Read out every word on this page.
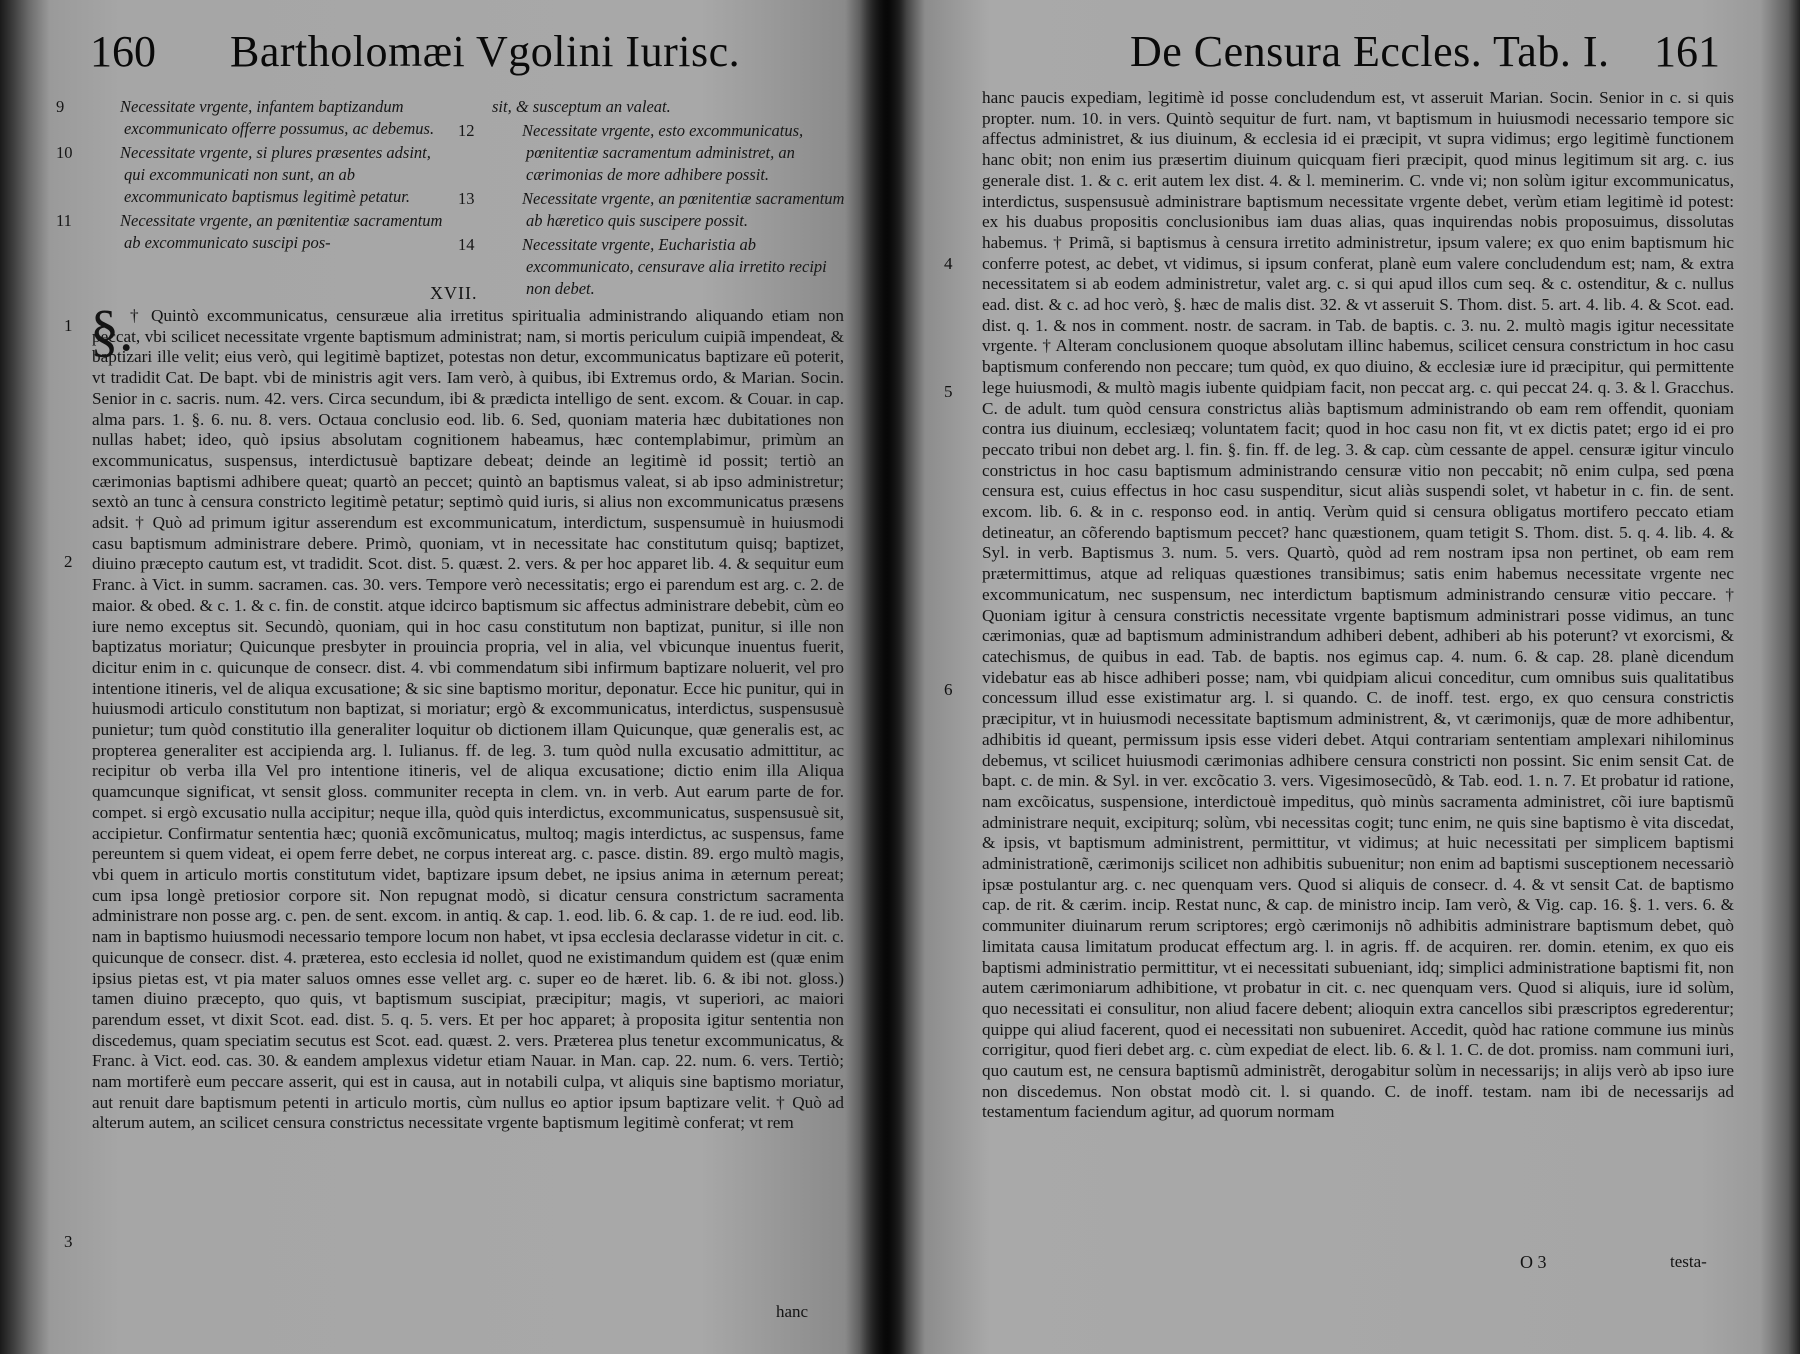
160 Bartholomæi Vgolini Iurisc.
9	Necessitate vrgente, infantem baptizandum excommunicato offerre possumus, ac debemus.
10	Necessitate vrgente, si plures præsentes adsint, qui excommunicati non sunt, an ab excommunicato baptismus legitimè petatur.
11	Necessitate vrgente, an pœnitentiæ sacramentum ab excommunicato suscipi pos-
sit, & susceptum an valeat.
12	Necessitate vrgente, esto excommunicatus, pœnitentiæ sacramentum administret, an cærimonias de more adhibere possit.
13	Necessitate vrgente, an pœnitentiæ sacramentum ab hæretico quis suscipere possit.
14	Necessitate vrgente, Eucharistia ab excommunicato, censurave alia irretito recipi non debet.
XVII.
§.
† Quintò excommunicatus, censuræue alia irretitus spiritualia administrando aliquando etiam non peccat, vbi scilicet necessitate vrgente baptismum administrat; nam, si mortis periculum cuipiã impendeat, & baptizari ille velit; eius verò, qui legitimè baptizet, potestas non detur, excommunicatus baptizare eũ poterit, vt tradidit Cat. De bapt. vbi de ministris agit vers. Iam verò, à quibus, ibi Extremus ordo, & Marian. Socin. Senior in c. sacris. num. 42. vers. Circa secundum, ibi & prædicta intelligo de sent. excom. & Couar. in cap. alma pars. 1. §. 6. nu. 8. vers. Octaua conclusio eod. lib. 6. Sed, quoniam materia hæc dubitationes non nullas habet; ideo, quò ipsius absolutam cognitionem habeamus, hæc contemplabimur, primùm an excommunicatus, suspensus, interdictusuè baptizare debeat; deinde an legitimè id possit; tertiò an cærimonias baptismi adhibere queat; quartò an peccet; quintò an baptismus valeat, si ab ipso administretur; sextò an tunc à censura constricto legitimè petatur; septimò quid iuris, si alius non excommunicatus præsens adsit. † Quò ad primum igitur asserendum est excommunicatum, interdictum, suspensumuè in huiusmodi casu baptismum administrare debere. Primò, quoniam, vt in necessitate hac constitutum quisq; baptizet, diuino præcepto cautum est, vt tradidit. Scot. dist. 5. quæst. 2. vers. & per hoc apparet lib. 4. & sequitur eum Franc. à Vict. in summ. sacramen. cas. 30. vers. Tempore verò necessitatis; ergo ei parendum est arg. c. 2. de maior. & obed. & c. 1. & c. fin. de constit. atque idcirco baptismum sic affectus administrare debebit, cùm eo iure nemo exceptus sit. Secundò, quoniam, qui in hoc casu constitutum non baptizat, punitur, si ille non baptizatus moriatur; Quicunque presbyter in prouincia propria, vel in alia, vel vbicunque inuentus fuerit, dicitur enim in c. quicunque de consecr. dist. 4. vbi commendatum sibi infirmum baptizare noluerit, vel pro intentione itineris, vel de aliqua excusatione; & sic sine baptismo moritur, deponatur. Ecce hic punitur, qui in huiusmodi articulo constitutum non baptizat, si moriatur; ergò & excommunicatus, interdictus, suspensusuè punietur; tum quòd constitutio illa generaliter loquitur ob dictionem illam Quicunque, quæ generalis est, ac propterea generaliter est accipienda arg. l. Iulianus. ff. de leg. 3. tum quòd nulla excusatio admittitur, ac recipitur ob verba illa Vel pro intentione itineris, vel de aliqua excusatione; dictio enim illa Aliqua quamcunque significat, vt sensit gloss. communiter recepta in clem. vn. in verb. Aut earum parte de for. compet. si ergò excusatio nulla accipitur; neque illa, quòd quis interdictus, excommunicatus, suspensusuè sit, accipietur. Confirmatur sententia hæc; quoniã excõmunicatus, multoq; magis interdictus, ac suspensus, fame pereuntem si quem videat, ei opem ferre debet, ne corpus intereat arg. c. pasce. distin. 89. ergo multò magis, vbi quem in articulo mortis constitutum videt, baptizare ipsum debet, ne ipsius anima in æternum pereat; cum ipsa longè pretiosior corpore sit. Non repugnat modò, si dicatur censura constrictum sacramenta administrare non posse arg. c. pen. de sent. excom. in antiq. & cap. 1. eod. lib. 6. & cap. 1. de re iud. eod. lib. nam in baptismo huiusmodi necessario tempore locum non habet, vt ipsa ecclesia declarasse videtur in cit. c. quicunque de consecr. dist. 4. præterea, esto ecclesia id nollet, quod ne existimandum quidem est (quæ enim ipsius pietas est, vt pia mater saluos omnes esse vellet arg. c. super eo de hæret. lib. 6. & ibi not. gloss.) tamen diuino præcepto, quo quis, vt baptismum suscipiat, præcipitur; magis, vt superiori, ac maiori parendum esset, vt dixit Scot. ead. dist. 5. q. 5. vers. Et per hoc apparet; à proposita igitur sententia non discedemus, quam speciatim secutus est Scot. ead. quæst. 2. vers. Præterea plus tenetur excommunicatus, & Franc. à Vict. eod. cas. 30. & eandem amplexus videtur etiam Nauar. in Man. cap. 22. num. 6. vers. Tertiò; nam mortiferè eum peccare asserit, qui est in causa, aut in notabili culpa, vt aliquis sine baptismo moriatur, aut renuit dare baptismum petenti in articulo mortis, cùm nullus eo aptior ipsum baptizare velit. † Quò ad alterum autem, an scilicet censura constrictus necessitate vrgente baptismum legitimè conferat; vt rem
1
2
3
hanc
De Censura Eccles. Tab. I. 161
hanc paucis expediam, legitimè id posse concludendum est, vt asseruit Marian. Socin. Senior in c. si quis propter. num. 10. in vers. Quintò sequitur de furt. nam, vt baptismum in huiusmodi necessario tempore sic affectus administret, & ius diuinum, & ecclesia id ei præcipit, vt supra vidimus; ergo legitimè functionem hanc obit; non enim ius præsertim diuinum quicquam fieri præcipit, quod minus legitimum sit arg. c. ius generale dist. 1. & c. erit autem lex dist. 4. & l. meminerim. C. vnde vi; non solùm igitur excommunicatus, interdictus, suspensusuè administrare baptismum necessitate vrgente debet, verùm etiam legitimè id potest: ex his duabus propositis conclusionibus iam duas alias, quas inquirendas nobis proposuimus, dissolutas habemus. † Primã, si baptismus à censura irretito administretur, ipsum valere; ex quo enim baptismum hic conferre potest, ac debet, vt vidimus, si ipsum conferat, planè eum valere concludendum est; nam, & extra necessitatem si ab eodem administretur, valet arg. c. si qui apud illos cum seq. & c. ostenditur, & c. nullus ead. dist. & c. ad hoc verò, §. hæc de malis dist. 32. & vt asseruit S. Thom. dist. 5. art. 4. lib. 4. & Scot. ead. dist. q. 1. & nos in comment. nostr. de sacram. in Tab. de baptis. c. 3. nu. 2. multò magis igitur necessitate vrgente. † Alteram conclusionem quoque absolutam illinc habemus, scilicet censura constrictum in hoc casu baptismum conferendo non peccare; tum quòd, ex quo diuino, & ecclesiæ iure id præcipitur, qui permittente lege huiusmodi, & multò magis iubente quidpiam facit, non peccat arg. c. qui peccat 24. q. 3. & l. Gracchus. C. de adult. tum quòd censura constrictus aliàs baptismum administrando ob eam rem offendit, quoniam contra ius diuinum, ecclesiæq; voluntatem facit; quod in hoc casu non fit, vt ex dictis patet; ergo id ei pro peccato tribui non debet arg. l. fin. §. fin. ff. de leg. 3. & cap. cùm cessante de appel. censuræ igitur vinculo constrictus in hoc casu baptismum administrando censuræ vitio non peccabit; nõ enim culpa, sed pœna censura est, cuius effectus in hoc casu suspenditur, sicut aliàs suspendi solet, vt habetur in c. fin. de sent. excom. lib. 6. & in c. responso eod. in antiq. Verùm quid si censura obligatus mortifero peccato etiam detineatur, an cõferendo baptismum peccet? hanc quæstionem, quam tetigit S. Thom. dist. 5. q. 4. lib. 4. & Syl. in verb. Baptismus 3. num. 5. vers. Quartò, quòd ad rem nostram ipsa non pertinet, ob eam rem prætermittimus, atque ad reliquas quæstiones transibimus; satis enim habemus necessitate vrgente nec excommunicatum, nec suspensum, nec interdictum baptismum administrando censuræ vitio peccare. † Quoniam igitur à censura constrictis necessitate vrgente baptismum administrari posse vidimus, an tunc cærimonias, quæ ad baptismum administrandum adhiberi debent, adhiberi ab his poterunt? vt exorcismi, & catechismus, de quibus in ead. Tab. de baptis. nos egimus cap. 4. num. 6. & cap. 28. planè dicendum videbatur eas ab hisce adhiberi posse; nam, vbi quidpiam alicui conceditur, cum omnibus suis qualitatibus concessum illud esse existimatur arg. l. si quando. C. de inoff. test. ergo, ex quo censura constrictis præcipitur, vt in huiusmodi necessitate baptismum administrent, &, vt cærimonijs, quæ de more adhibentur, adhibitis id queant, permissum ipsis esse videri debet. Atqui contrariam sententiam amplexari nihilominus debemus, vt scilicet huiusmodi cærimonias adhibere censura constricti non possint. Sic enim sensit Cat. de bapt. c. de min. & Syl. in ver. excõcatio 3. vers. Vigesimosecũdò, & Tab. eod. 1. n. 7. Et probatur id ratione, nam excõicatus, suspensione, interdictouè impeditus, quò minùs sacramenta administret, cõi iure baptismũ administrare nequit, excipiturq; solùm, vbi necessitas cogit; tunc enim, ne quis sine baptismo è vita discedat, & ipsis, vt baptismum administrent, permittitur, vt vidimus; at huic necessitati per simplicem baptismi administrationẽ, cærimonijs scilicet non adhibitis subuenitur; non enim ad baptismi susceptionem necessariò ipsæ postulantur arg. c. nec quenquam vers. Quod si aliquis de consecr. d. 4. & vt sensit Cat. de baptismo cap. de rit. & cærim. incip. Restat nunc, & cap. de ministro incip. Iam verò, & Vig. cap. 16. §. 1. vers. 6. & communiter diuinarum rerum scriptores; ergò cærimonijs nõ adhibitis administrare baptismum debet, quò limitata causa limitatum producat effectum arg. l. in agris. ff. de acquiren. rer. domin. etenim, ex quo eis baptismi administratio permittitur, vt ei necessitati subueniant, idq; simplici administratione baptismi fit, non autem cærimoniarum adhibitione, vt probatur in cit. c. nec quenquam vers. Quod si aliquis, iure id solùm, quo necessitati ei consulitur, non aliud facere debent; alioquin extra cancellos sibi præscriptos egrederentur; quippe qui aliud facerent, quod ei necessitati non subueniret. Accedit, quòd hac ratione commune ius minùs corrigitur, quod fieri debet arg. c. cùm expediat de elect. lib. 6. & l. 1. C. de dot. promiss. nam communi iuri, quo cautum est, ne censura baptismũ administrẽt, derogabitur solùm in necessarijs; in alijs verò ab ipso iure non discedemus. Non obstat modò cit. l. si quando. C. de inoff. testam. nam ibi de necessarijs ad testamentum faciendum agitur, ad quorum normam
4
5
6
O 3	testa-
